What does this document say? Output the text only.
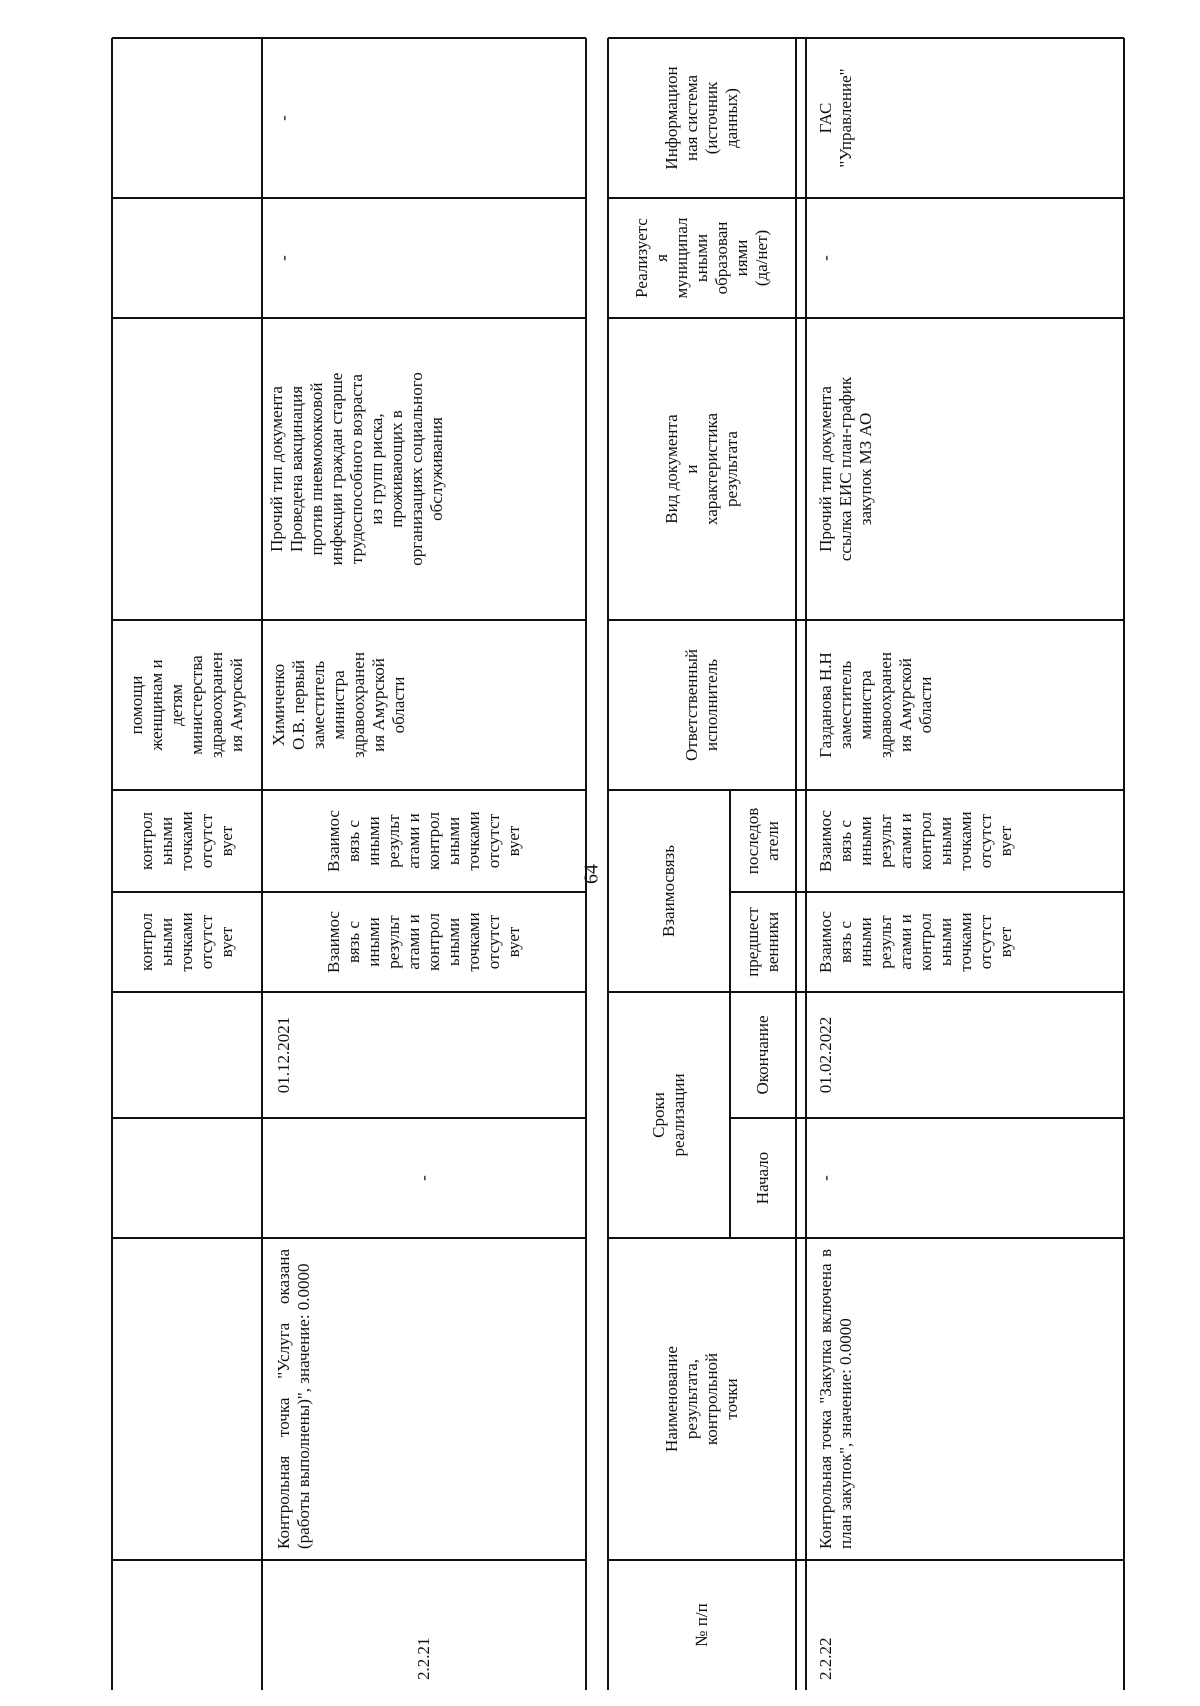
контрол
ьными
точками
отсутст
вует
контрол
ьными
точками
отсутст
вует
помощи
женщинам и
детям
министерства
здравоохранен
ия Амурской
2.2.21
Контрольная точка "Услуга оказана (работы выполнены)", значение: 0.0000
-
01.12.2021
Взаимос
вязь с
иными
результ
атами и
контрол
ьными
точками
отсутст
вует
Взаимос
вязь с
иными
результ
атами и
контрол
ьными
точками
отсутст
вует
Химиченко
О.В. первый
заместитель
министра
здравоохранен
ия Амурской
области
Прочий тип документа
Проведена вакцинация
против пневмококковой
инфекции граждан старше
трудоспособного возраста
из групп риска,
проживающих в
организациях социального
обслуживания
-
-
64
№ п/п
Наименование результата,
контрольной точки
Сроки реализации
Начало
Окончание
Взаимосвязь
предшест
венники
последов
атели
Ответственный
исполнитель
Вид документа и
характеристика результата
Реализуетс
я
муниципал
ьными
образован
иями
(да/нет)
Информацион
ная система
(источник
данных)
2.2.22
Контрольная точка "Закупка включена в план закупок", значение: 0.0000
-
01.02.2022
Взаимос
вязь с
иными
результ
атами и
контрол
ьными
точками
отсутст
вует
Взаимос
вязь с
иными
результ
атами и
контрол
ьными
точками
отсутст
вует
Газданова Н.Н
заместитель
министра
здравоохранен
ия Амурской
области
Прочий тип документа
ссылка ЕИС план-график
закупок МЗ АО
-
ГАС
"Управление"
